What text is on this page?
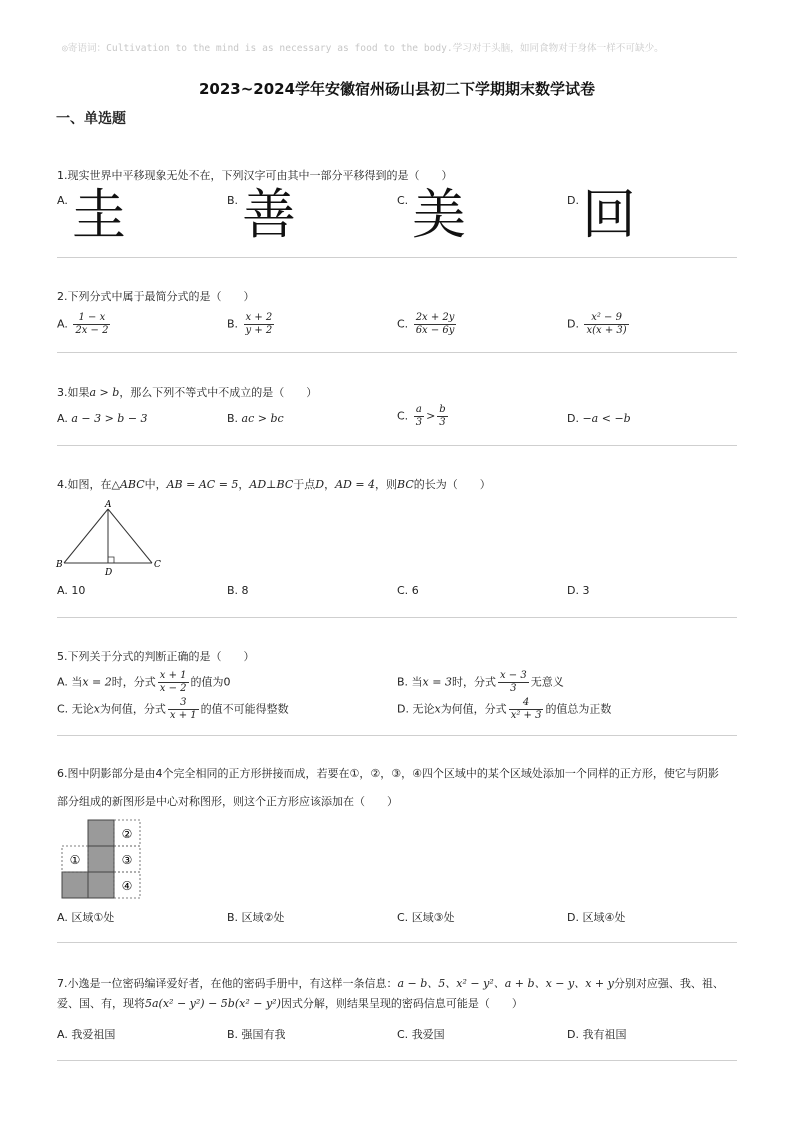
◎寄语词：Cultivation to the mind is as necessary as food to the body.学习对于头脑，如同食物对于身体一样不可缺少。
2023~2024学年安徽宿州砀山县初二下学期期末数学试卷
一、单选题
1.现实世界中平移现象无处不在，下列汉字可由其中一部分平移得到的是（　　）
A. 圭	B. 善	C. 美	D. 回
2.下列分式中属于最简分式的是（　　）
A. $\frac{1 - x}{2x - 2}$	B. $\frac{x + 2}{y + 2}$	C. $\frac{2x + 2y}{6x - 6y}$	D. $\frac{\text{x² − 9}}{x(x + 3)}$
3.如果a > b，那么下列不等式中不成立的是（　　）
A. a − 3 > b − 3	B. ac > bc	C. $\frac{a}{3} > \frac{b}{3}$	D. −a < −b
4.如图，在△ABC中，AB = AC = 5，AD⊥BC于点D，AD = 4，则BC的长为（　　）
A
B	C
D
A. 10	B. 8	C. 6	D. 3
5.下列关于分式的判断正确的是（　　）
A. 当x = 2时，分式 $\frac{x + 1}{x - 2}$ 的值为0	B. 当x = 3时，分式 $\frac{x - 3}{3}$ 无意义
C. 无论x为何值，分式 $\frac{3}{x + 1}$ 的值不可能得整数	D. 无论x为何值，分式 $\frac{4}{\text{x² + 3}}$ 的值总为正数
6.图中阴影部分是由4个完全相同的正方形拼接而成，若要在①，②，③，④四个区域中的某个区域处添加一个同样的正方形，使它与阴影
部分组成的新图形是中心对称图形，则这个正方形应该添加在（　　）
①
②
③
④
A. 区域①处	B. 区域②处	C. 区域③处	D. 区域④处
7.小逸是一位密码编译爱好者，在他的密码手册中，有这样一条信息：a − b、5、x² − y²、a + b、x − y、x + y分别对应强、我、祖、
爱、国、有，现将5a(x² − y²) − 5b(x² − y²)因式分解，则结果呈现的密码信息可能是（　　）
A. 我爱祖国	B. 强国有我	C. 我爱国	D. 我有祖国
